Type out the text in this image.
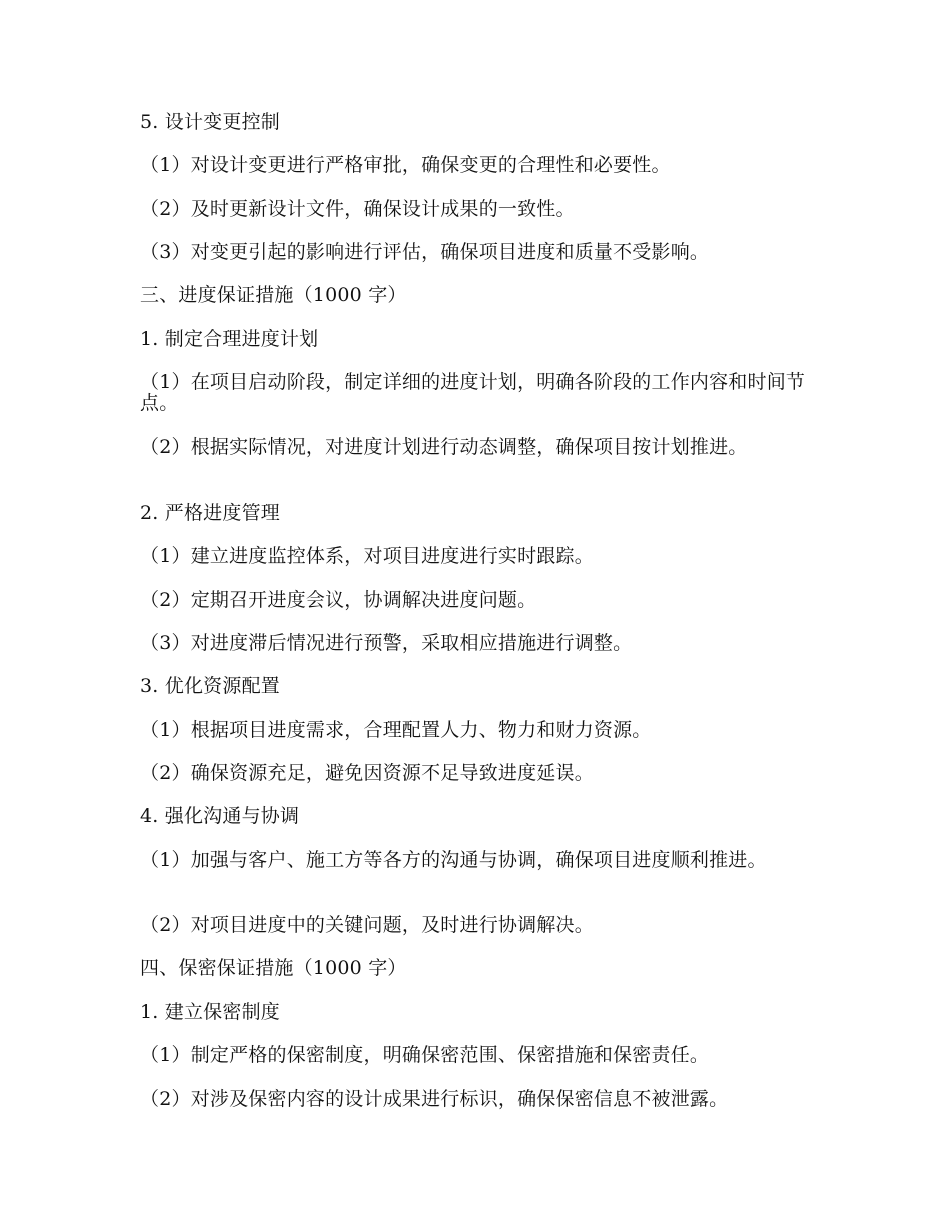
5. 设计变更控制

（1）对设计变更进行严格审批，确保变更的合理性和必要性。

（2）及时更新设计文件，确保设计成果的一致性。

（3）对变更引起的影响进行评估，确保项目进度和质量不受影响。

三、进度保证措施（1000 字）

1. 制定合理进度计划

（1）在项目启动阶段，制定详细的进度计划，明确各阶段的工作内容和时间节点。

（2）根据实际情况，对进度计划进行动态调整，确保项目按计划推进。

2. 严格进度管理

（1）建立进度监控体系，对项目进度进行实时跟踪。

（2）定期召开进度会议，协调解决进度问题。

（3）对进度滞后情况进行预警，采取相应措施进行调整。

3. 优化资源配置

（1）根据项目进度需求，合理配置人力、物力和财力资源。

（2）确保资源充足，避免因资源不足导致进度延误。

4. 强化沟通与协调

（1）加强与客户、施工方等各方的沟通与协调，确保项目进度顺利推进。

（2）对项目进度中的关键问题，及时进行协调解决。

四、保密保证措施（1000 字）

1. 建立保密制度

（1）制定严格的保密制度，明确保密范围、保密措施和保密责任。

（2）对涉及保密内容的设计成果进行标识，确保保密信息不被泄露。
